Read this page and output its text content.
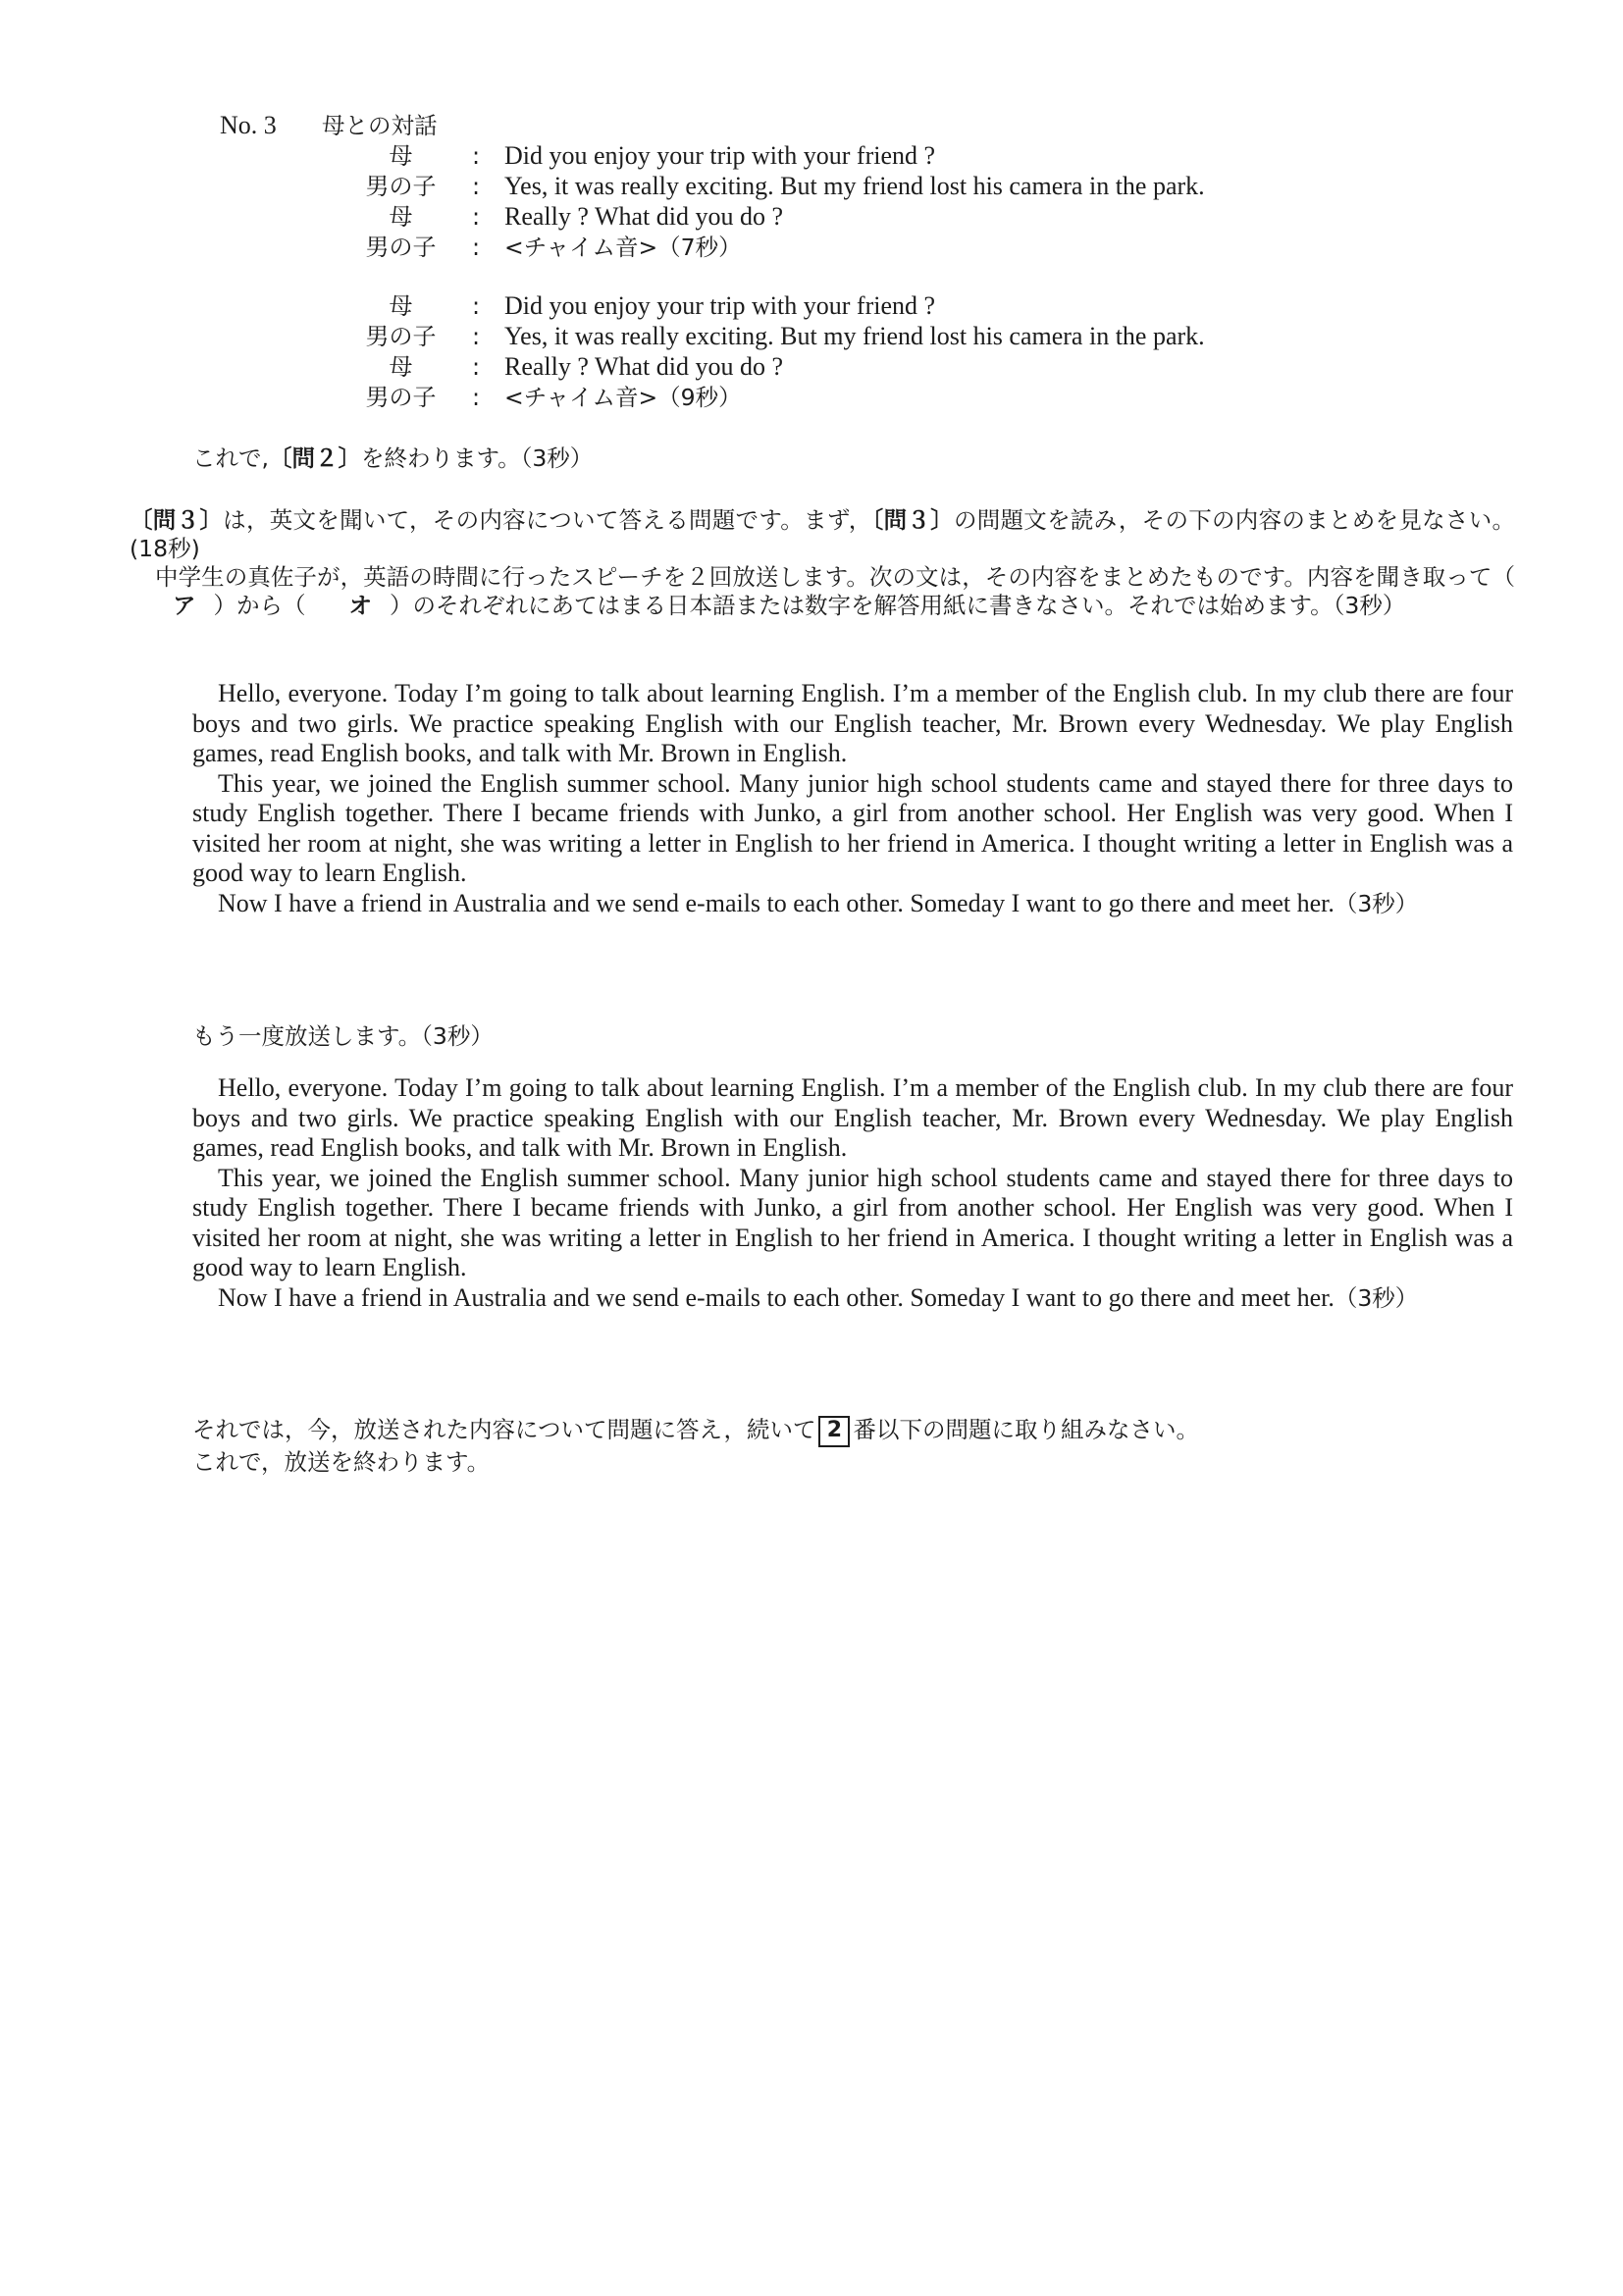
No. 3 母との対話
母	: Did you enjoy your trip with your friend ?
男の子	: Yes, it was really exciting. But my friend lost his camera in the park.
母	: Really ? What did you do ?
男の子	: <チャイム音>（7秒）
母	: Did you enjoy your trip with your friend ?
男の子	: Yes, it was really exciting. But my friend lost his camera in the park.
母	: Really ? What did you do ?
男の子	: <チャイム音>（9秒）
これで,〔問２〕を終わります。（3秒）
〔問３〕は，英文を聞いて，その内容について答える問題です。まず，〔問３〕の問題文を読み，その下の内容のまとめを見なさい。(18秒)
中学生の真佐子が，英語の時間に行ったスピーチを２回放送します。次の文は，その内容をまとめたものです。内容を聞き取って（ア ）から（ オ ）のそれぞれにあてはまる日本語または数字を解答用紙に書きなさい。それでは始めます。（3秒）

Hello, everyone. Today I’m going to talk about learning English. I’m a member of the English club. In my club there are four boys and two girls. We practice speaking English with our English teacher, Mr. Brown every Wednesday. We play English games, read English books, and talk with Mr. Brown in English.

This year, we joined the English summer school. Many junior high school students came and stayed there for three days to study English together. There I became friends with Junko, a girl from another school. Her English was very good. When I visited her room at night, she was writing a letter in English to her friend in America. I thought writing a letter in English was a good way to learn English.

Now I have a friend in Australia and we send e-mails to each other. Someday I want to go there and meet her.（3秒）

もう一度放送します。（3秒）

Hello, everyone. Today I’m going to talk about learning English. I’m a member of the English club. In my club there are four boys and two girls. We practice speaking English with our English teacher, Mr. Brown every Wednesday. We play English games, read English books, and talk with Mr. Brown in English.

This year, we joined the English summer school. Many junior high school students came and stayed there for three days to study English together. There I became friends with Junko, a girl from another school. Her English was very good. When I visited her room at night, she was writing a letter in English to her friend in America. I thought writing a letter in English was a good way to learn English.

Now I have a friend in Australia and we send e-mails to each other. Someday I want to go there and meet her.（3秒）

それでは，今，放送された内容について問題に答え，続いて 2 番以下の問題に取り組みなさい。
これで，放送を終わります。
